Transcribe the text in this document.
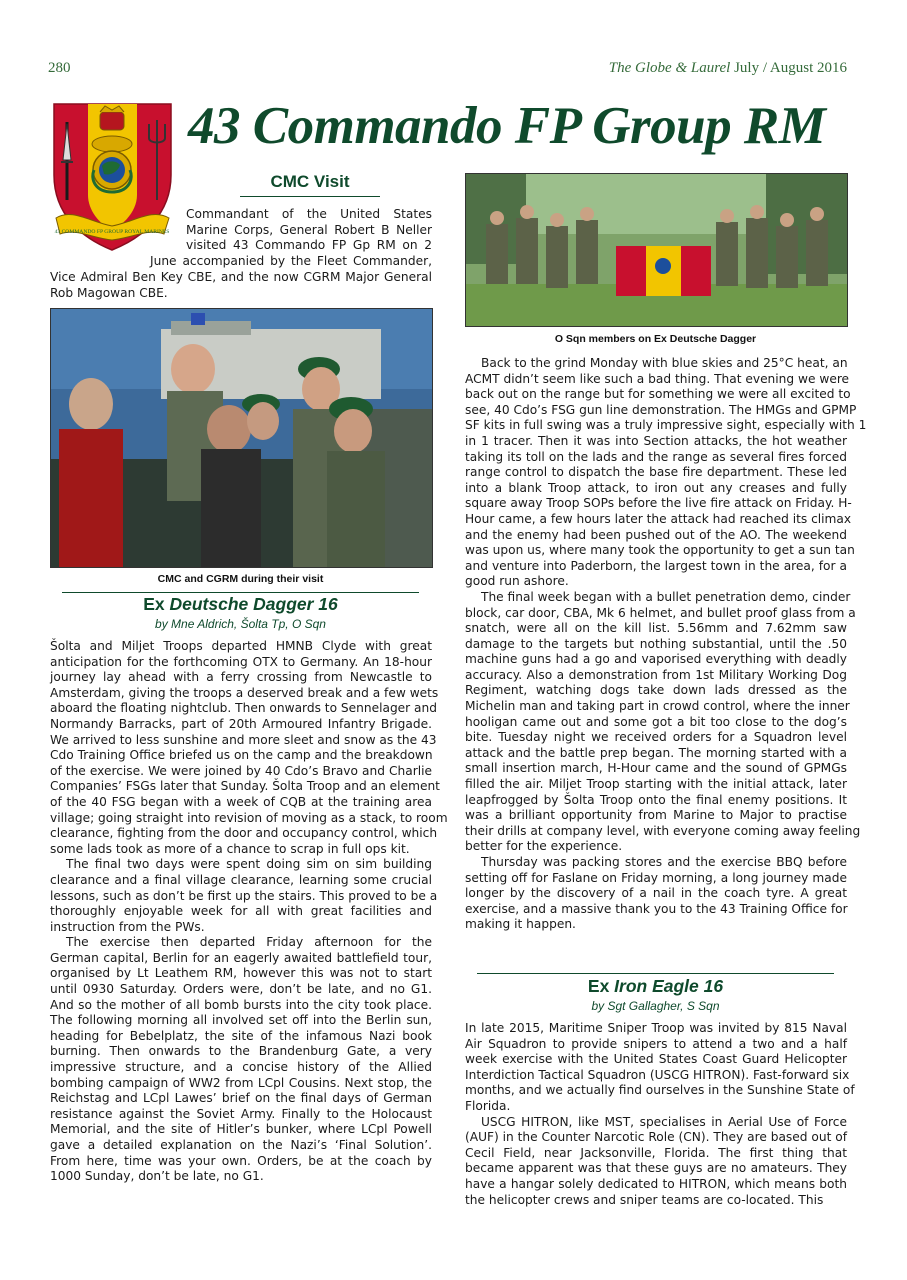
280	The Globe & Laurel July / August 2016
43 COMMANDO FP GROUP ROYAL MARINES
43 Commando FP Group RM
CMC Visit
Commandant of the United States
Marine Corps, General Robert B Neller
visited 43 Commando FP Gp RM on 2
June accompanied by the Fleet Commander,
Vice Admiral Ben Key CBE, and the now CGRM Major General
Rob Magowan CBE.
CMC and CGRM during their visit
Ex Deutsche Dagger 16
by Mne Aldrich, Šolta Tp, O Sqn
Šolta and Miljet Troops departed HMNB Clyde with great
anticipation for the forthcoming OTX to Germany. An 18-hour
journey lay ahead with a ferry crossing from Newcastle to
Amsterdam, giving the troops a deserved break and a few wets
aboard the floating nightclub. Then onwards to Sennelager and
Normandy Barracks, part of 20th Armoured Infantry Brigade.
We arrived to less sunshine and more sleet and snow as the 43
Cdo Training Office briefed us on the camp and the breakdown
of the exercise. We were joined by 40 Cdo’s Bravo and Charlie
Companies’ FSGs later that Sunday. Šolta Troop and an element
of the 40 FSG began with a week of CQB at the training area
village; going straight into revision of moving as a stack, to room
clearance, fighting from the door and occupancy control, which
some lads took as more of a chance to scrap in full ops kit.
The final two days were spent doing sim on sim building
clearance and a final village clearance, learning some crucial
lessons, such as don’t be first up the stairs. This proved to be a
thoroughly enjoyable week for all with great facilities and
instruction from the PWs.
The exercise then departed Friday afternoon for the
German capital, Berlin for an eagerly awaited battlefield tour,
organised by Lt Leathem RM, however this was not to start
until 0930 Saturday. Orders were, don’t be late, and no G1.
And so the mother of all bomb bursts into the city took place.
The following morning all involved set off into the Berlin sun,
heading for Bebelplatz, the site of the infamous Nazi book
burning. Then onwards to the Brandenburg Gate, a very
impressive structure, and a concise history of the Allied
bombing campaign of WW2 from LCpl Cousins. Next stop, the
Reichstag and LCpl Lawes’ brief on the final days of German
resistance against the Soviet Army. Finally to the Holocaust
Memorial, and the site of Hitler’s bunker, where LCpl Powell
gave a detailed explanation on the Nazi’s ‘Final Solution’.
From here, time was your own. Orders, be at the coach by
1000 Sunday, don’t be late, no G1.
O Sqn members on Ex Deutsche Dagger
Back to the grind Monday with blue skies and 25°C heat, an
ACMT didn’t seem like such a bad thing. That evening we were
back out on the range but for something we were all excited to
see, 40 Cdo’s FSG gun line demonstration. The HMGs and GPMP
SF kits in full swing was a truly impressive sight, especially with 1
in 1 tracer. Then it was into Section attacks, the hot weather
taking its toll on the lads and the range as several fires forced
range control to dispatch the base fire department. These led
into a blank Troop attack, to iron out any creases and fully
square away Troop SOPs before the live fire attack on Friday. H-
Hour came, a few hours later the attack had reached its climax
and the enemy had been pushed out of the AO. The weekend
was upon us, where many took the opportunity to get a sun tan
and venture into Paderborn, the largest town in the area, for a
good run ashore.
The final week began with a bullet penetration demo, cinder
block, car door, CBA, Mk 6 helmet, and bullet proof glass from a
snatch, were all on the kill list. 5.56mm and 7.62mm saw
damage to the targets but nothing substantial, until the .50
machine guns had a go and vaporised everything with deadly
accuracy. Also a demonstration from 1st Military Working Dog
Regiment, watching dogs take down lads dressed as the
Michelin man and taking part in crowd control, where the inner
hooligan came out and some got a bit too close to the dog’s
bite. Tuesday night we received orders for a Squadron level
attack and the battle prep began. The morning started with a
small insertion march, H-Hour came and the sound of GPMGs
filled the air. Miljet Troop starting with the initial attack, later
leapfrogged by Šolta Troop onto the final enemy positions. It
was a brilliant opportunity from Marine to Major to practise
their drills at company level, with everyone coming away feeling
better for the experience.
Thursday was packing stores and the exercise BBQ before
setting off for Faslane on Friday morning, a long journey made
longer by the discovery of a nail in the coach tyre. A great
exercise, and a massive thank you to the 43 Training Office for
making it happen.
Ex Iron Eagle 16
by Sgt Gallagher, S Sqn
In late 2015, Maritime Sniper Troop was invited by 815 Naval
Air Squadron to provide snipers to attend a two and a half
week exercise with the United States Coast Guard Helicopter
Interdiction Tactical Squadron (USCG HITRON). Fast-forward six
months, and we actually find ourselves in the Sunshine State of
Florida.
USCG HITRON, like MST, specialises in Aerial Use of Force
(AUF) in the Counter Narcotic Role (CN). They are based out of
Cecil Field, near Jacksonville, Florida. The first thing that
became apparent was that these guys are no amateurs. They
have a hangar solely dedicated to HITRON, which means both
the helicopter crews and sniper teams are co-located. This
